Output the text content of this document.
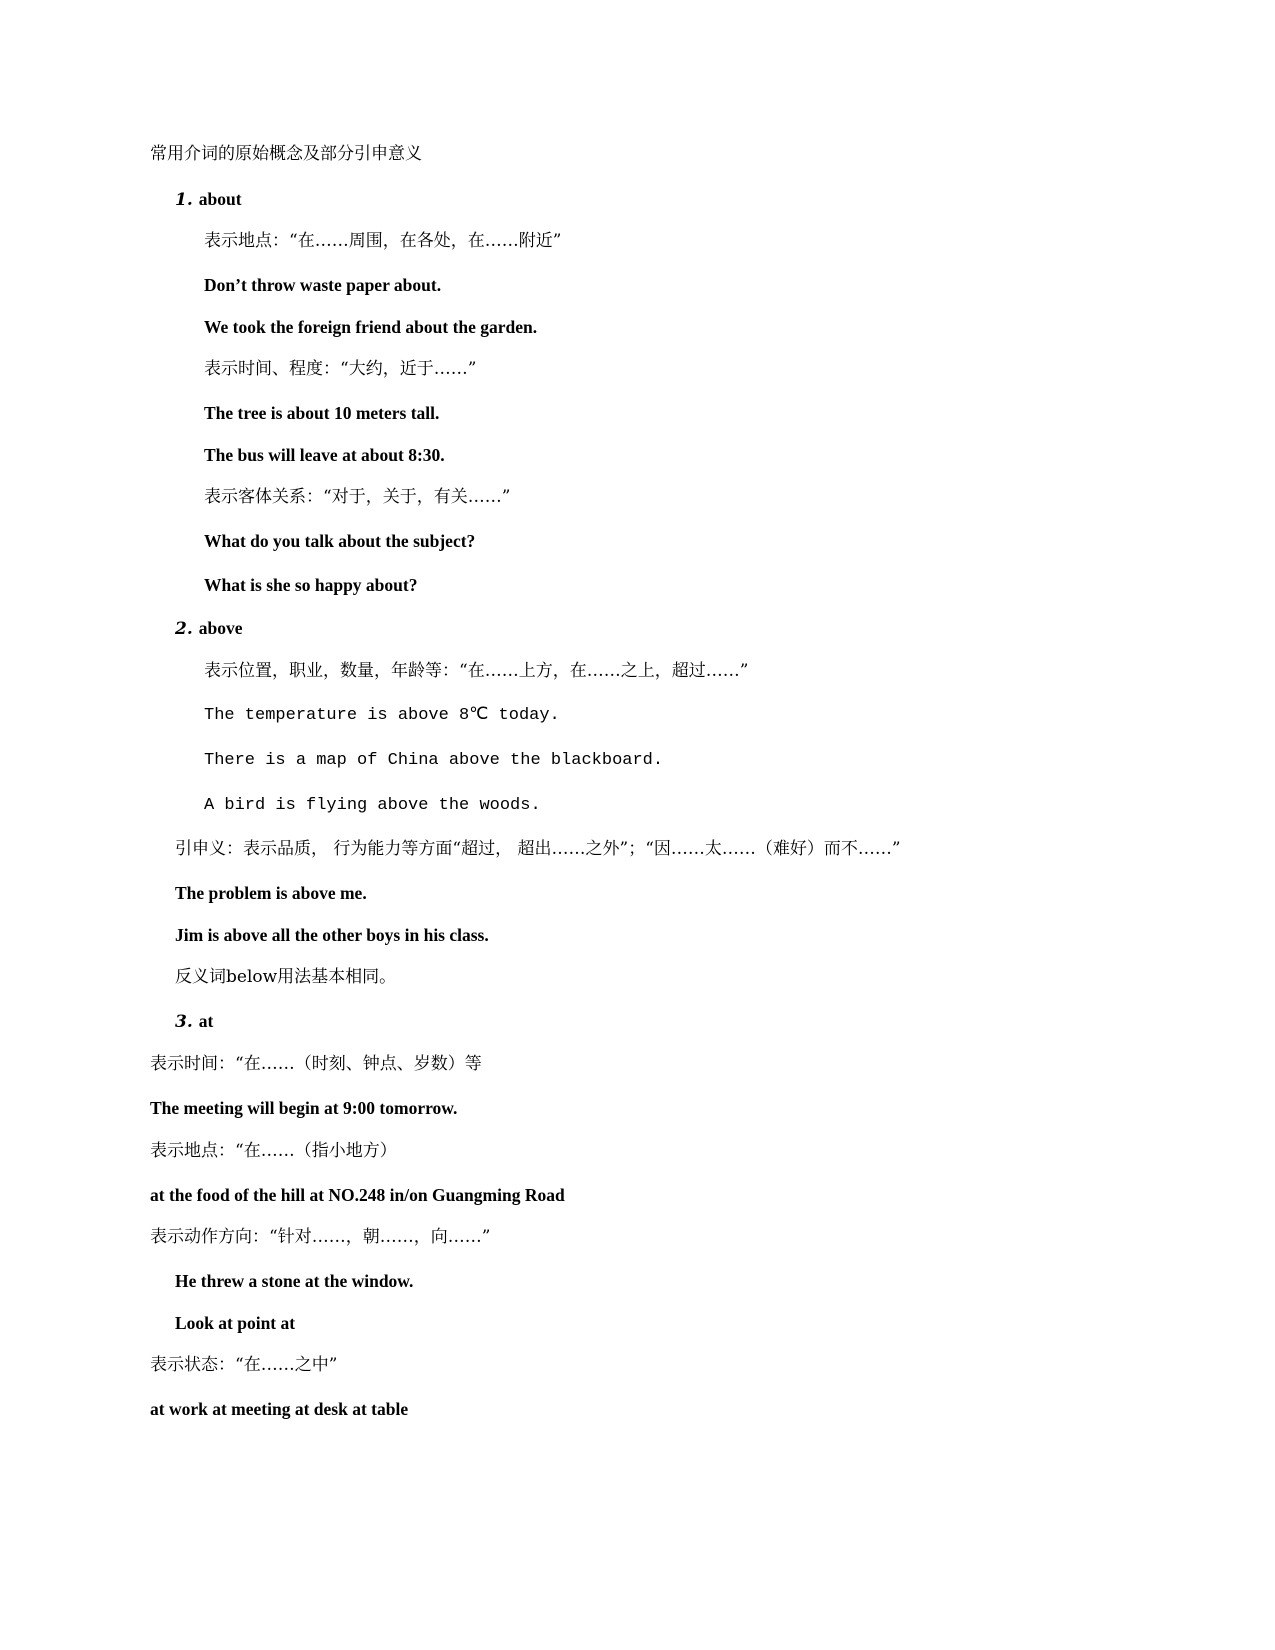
常用介词的原始概念及部分引申意义

1. about

表示地点：“在……周围，在各处，在……附近”

Don’t throw waste paper about.

We took the foreign friend about the garden.

表示时间、程度：“大约，近于……”

The tree is about 10 meters tall.

The bus will leave at about 8:30.

表示客体关系：“对于，关于，有关……”

What do you talk about the subject?

What is she so happy about?

2. above

表示位置，职业，数量，年龄等：“在……上方，在……之上，超过……”

The temperature is above 8℃ today.

There is a map of China above the blackboard.

A bird is flying above the woods.

引申义：表示品质， 行为能力等方面“超过， 超出……之外”；“因……太……（难好）而不……”

The problem is above me.

Jim is above all the other boys in his class.

反义词below用法基本相同。

3. at

表示时间：“在……（时刻、钟点、岁数）等

The meeting will begin at 9:00 tomorrow.

表示地点：“在……（指小地方）

at the food of the hill at NO.248 in/on Guangming Road

表示动作方向：“针对……，朝……，向……”

He threw a stone at the window.

Look at point at

表示状态：“在……之中”

at work at meeting at desk at table
